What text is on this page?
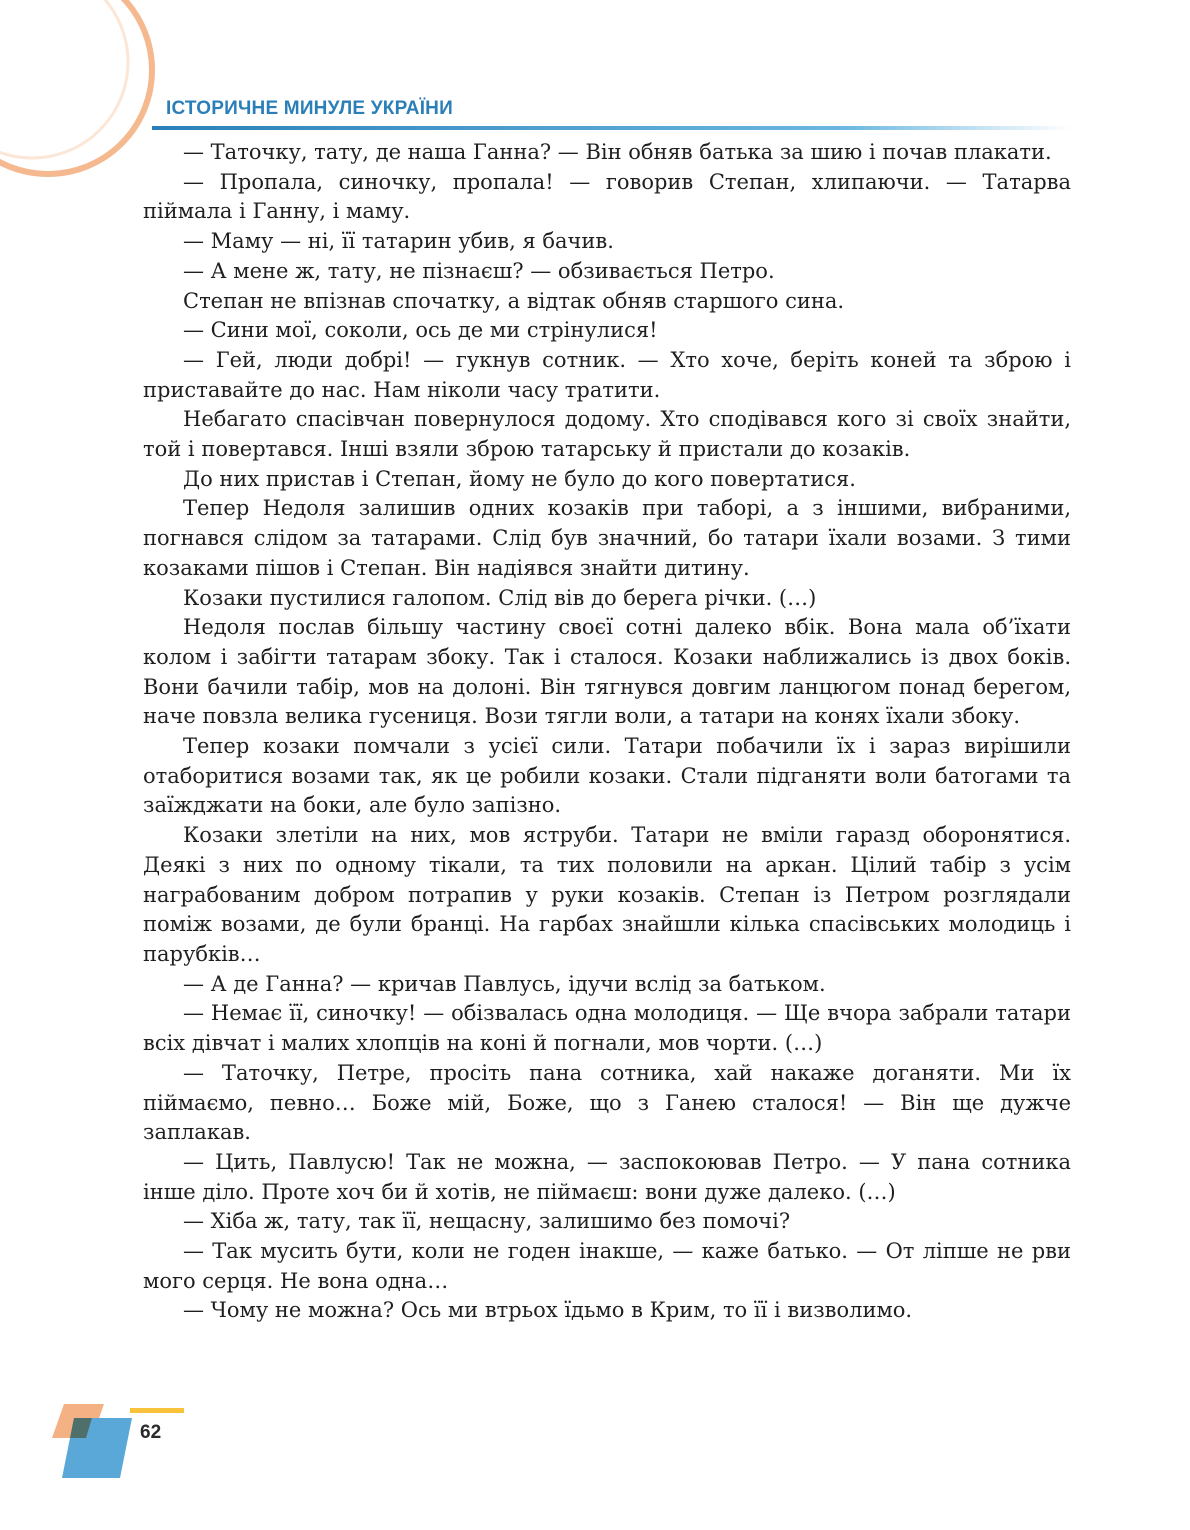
ІСТОРИЧНЕ МИНУЛЕ УКРАЇНИ

— Таточку, тату, де наша Ганна? — Він обняв батька за шию і почав плакати.

— Пропала, синочку, пропала! — говорив Степан, хлипаючи. — Татарва піймала і Ганну, і маму.

— Маму — ні, її татарин убив, я бачив.

— А мене ж, тату, не пізнаєш? — обзивається Петро.

Степан не впізнав спочатку, а відтак обняв старшого сина.

— Сини мої, соколи, ось де ми стрінулися!

— Гей, люди добрі! — гукнув сотник. — Хто хоче, беріть коней та зброю і приставайте до нас. Нам ніколи часу тратити.

Небагато спасівчан повернулося додому. Хто сподівався кого зі своїх знайти, той і повертався. Інші взяли зброю татарську й пристали до козаків.

До них пристав і Степан, йому не було до кого повертатися.

Тепер Недоля залишив одних козаків при таборі, а з іншими, вибраними, погнався слідом за татарами. Слід був значний, бо татари їхали возами. З тими козаками пішов і Степан. Він надіявся знайти дитину.

Козаки пустилися галопом. Слід вів до берега річки. (…)

Недоля послав більшу частину своєї сотні далеко вбік. Вона мала об’їхати колом і забігти татарам збоку. Так і сталося. Козаки наближались із двох боків. Вони бачили табір, мов на долоні. Він тягнувся довгим ланцюгом понад берегом, наче повзла велика гусениця. Вози тягли воли, а татари на конях їхали збоку.

Тепер козаки помчали з усієї сили. Татари побачили їх і зараз вирішили отаборитися возами так, як це робили козаки. Стали підганяти воли батогами та заїжджати на боки, але було запізно.

Козаки злетіли на них, мов яструби. Татари не вміли гаразд оборонятися. Деякі з них по одному тікали, та тих половили на аркан. Цілий табір з усім награбованим добром потрапив у руки козаків. Степан із Петром розглядали поміж возами, де були бранці. На гарбах знайшли кілька спасівських молодиць і парубків…

— А де Ганна? — кричав Павлусь, ідучи вслід за батьком.

— Немає її, синочку! — обізвалась одна молодиця. — Ще вчора забрали татари всіх дівчат і малих хлопців на коні й погнали, мов чорти. (…)

— Таточку, Петре, просіть пана сотника, хай накаже доганяти. Ми їх піймаємо, певно… Боже мій, Боже, що з Ганею сталося! — Він ще дужче заплакав.

— Цить, Павлусю! Так не можна, — заспокоював Петро. — У пана сотника інше діло. Проте хоч би й хотів, не піймаєш: вони дуже далеко. (…)

— Хіба ж, тату, так її, нещасну, залишимо без помочі?

— Так мусить бути, коли не годен інакше, — каже батько. — От ліпше не рви мого серця. Не вона одна…

— Чому не можна? Ось ми втрьох їдьмо в Крим, то її і визволимо.

62
